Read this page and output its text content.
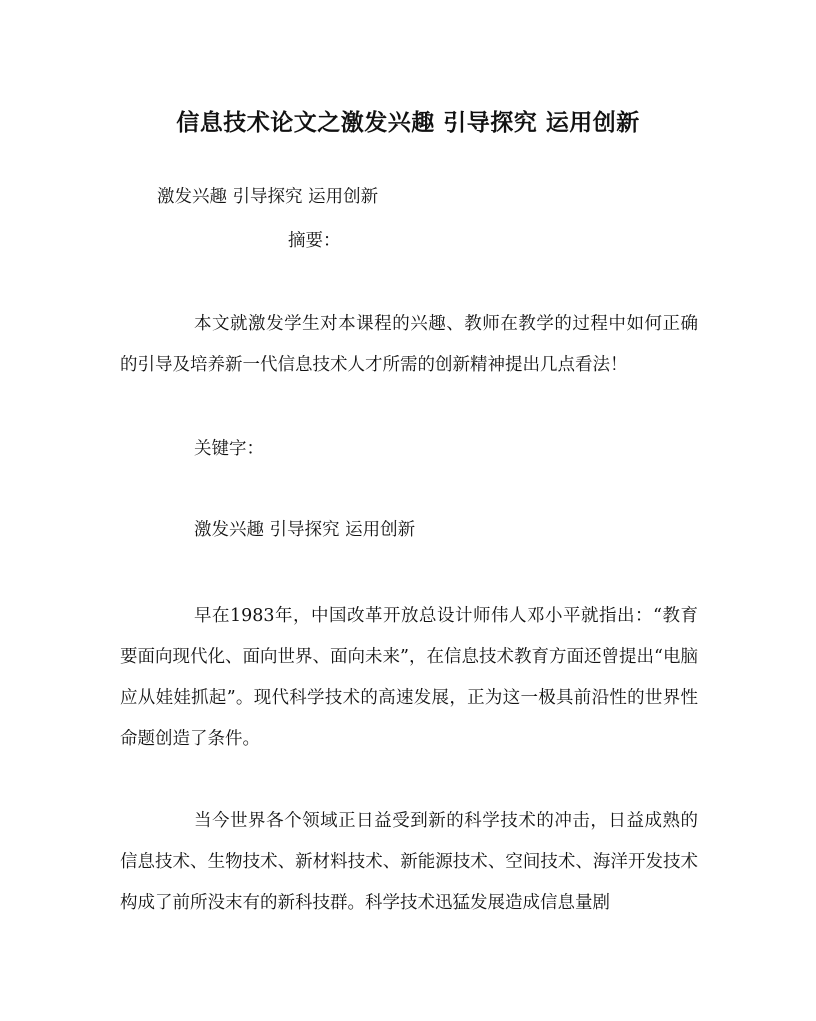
信息技术论文之激发兴趣 引导探究 运用创新
激发兴趣 引导探究 运用创新
摘要：
本文就激发学生对本课程的兴趣、教师在教学的过程中如何正确的引导及培养新一代信息技术人才所需的创新精神提出几点看法！
关键字：
激发兴趣 引导探究 运用创新
早在1983年，中国改革开放总设计师伟人邓小平就指出：“教育要面向现代化、面向世界、面向未来”，在信息技术教育方面还曾提出“电脑应从娃娃抓起”。现代科学技术的高速发展，正为这一极具前沿性的世界性命题创造了条件。
当今世界各个领域正日益受到新的科学技术的冲击，日益成熟的信息技术、生物技术、新材料技术、新能源技术、空间技术、海洋开发技术构成了前所没末有的新科技群。科学技术迅猛发展造成信息量剧
